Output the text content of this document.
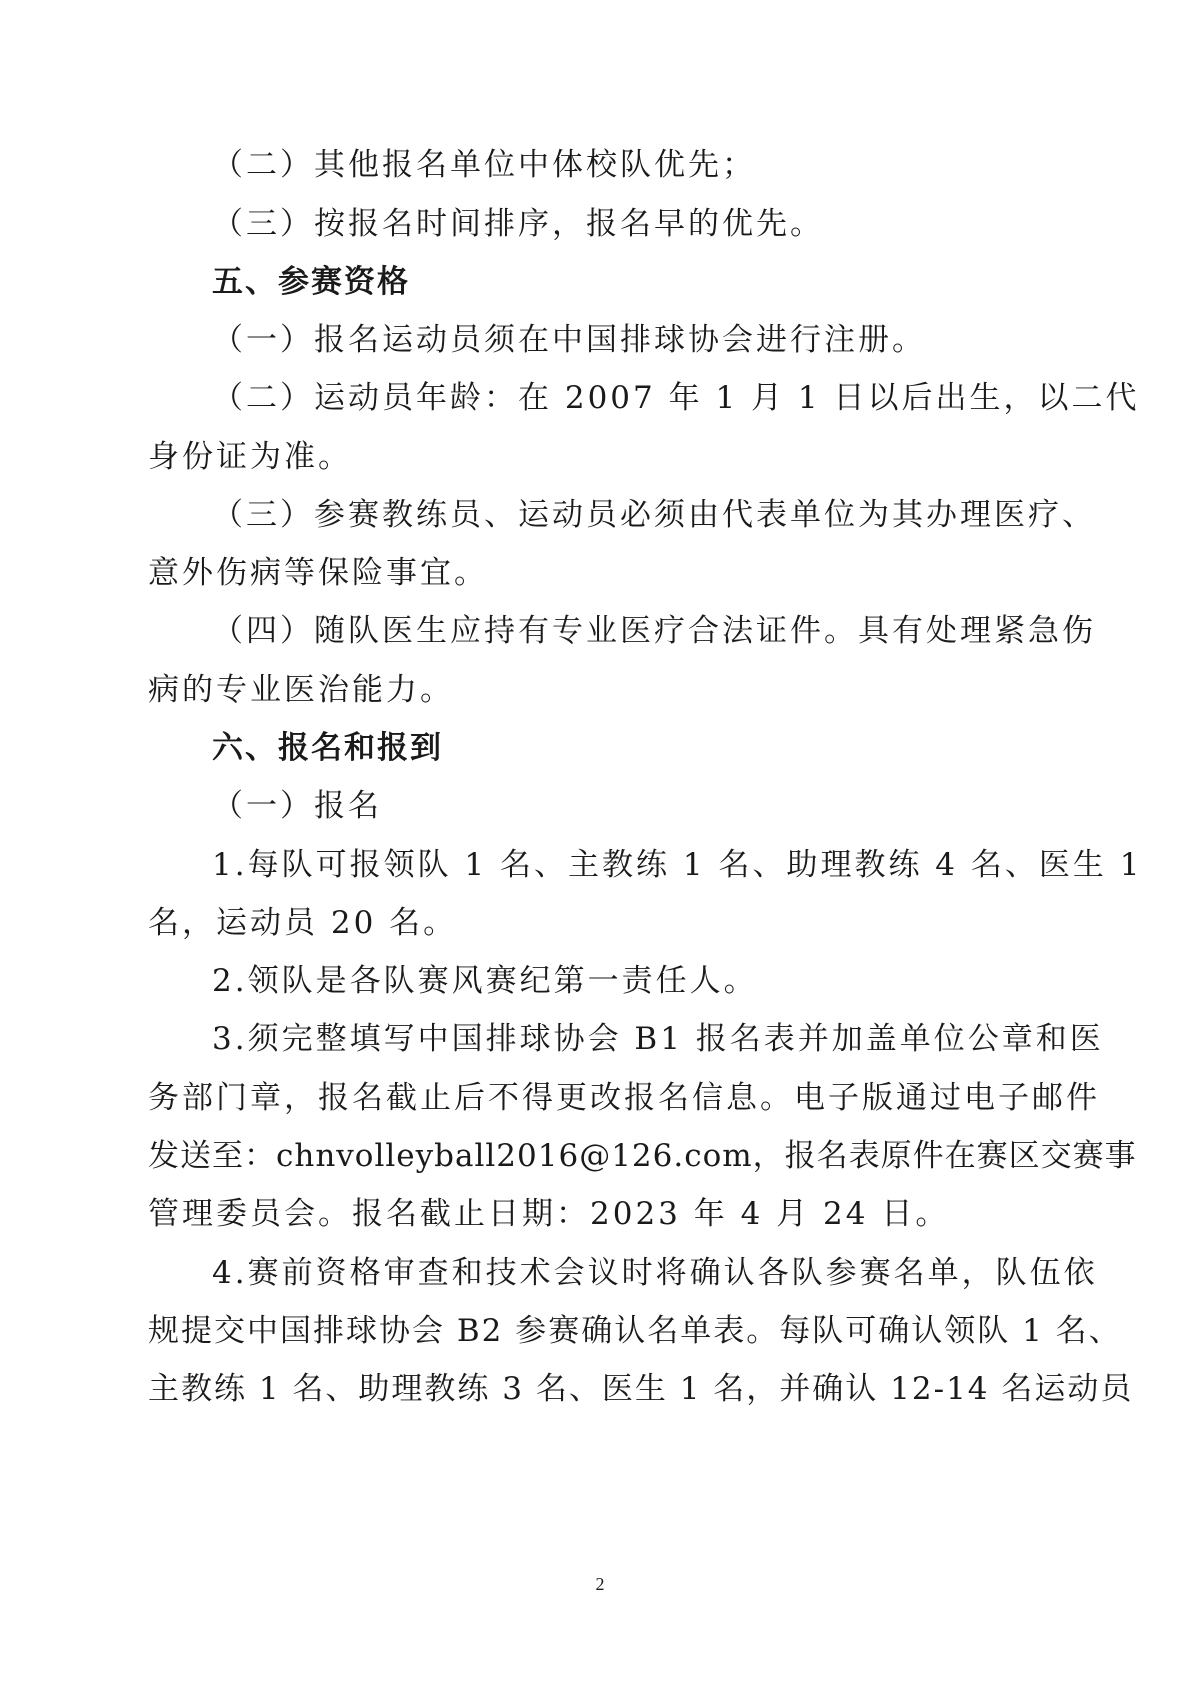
（二）其他报名单位中体校队优先；
（三）按报名时间排序，报名早的优先。
五、参赛资格
（一）报名运动员须在中国排球协会进行注册。
（二）运动员年龄：在 2007 年 1 月 1 日以后出生，以二代
身份证为准。
（三）参赛教练员、运动员必须由代表单位为其办理医疗、
意外伤病等保险事宜。
（四）随队医生应持有专业医疗合法证件。具有处理紧急伤
病的专业医治能力。
六、报名和报到
（一）报名
1.每队可报领队 1 名、主教练 1 名、助理教练 4 名、医生 1
名，运动员 20 名。
2.领队是各队赛风赛纪第一责任人。
3.须完整填写中国排球协会 B1 报名表并加盖单位公章和医
务部门章，报名截止后不得更改报名信息。电子版通过电子邮件
发送至：chnvolleyball2016@126.com，报名表原件在赛区交赛事
管理委员会。报名截止日期：2023 年 4 月 24 日。
4.赛前资格审查和技术会议时将确认各队参赛名单，队伍依
规提交中国排球协会 B2 参赛确认名单表。每队可确认领队 1 名、
主教练 1 名、助理教练 3 名、医生 1 名，并确认 12-14 名运动员
2
